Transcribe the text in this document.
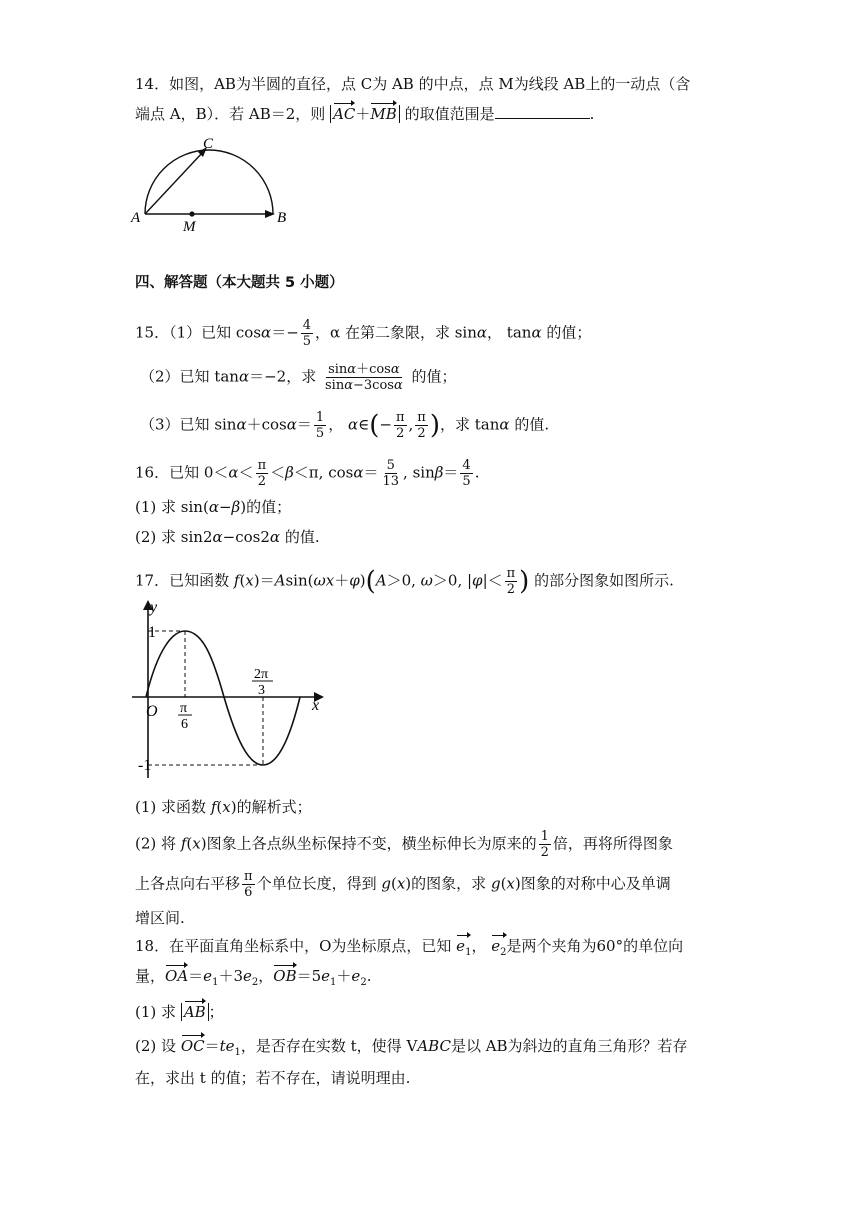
14．如图，AB为半圆的直径，点 C为 AB 的中点，点 M为线段 AB上的一动点（含
端点 A，B）．若 AB＝2，则 AC＋MB 的取值范围是	.
A	B
C
M
四、解答题（本大题共 5 小题）
15．（1）已知 $\cos\alpha=- \frac{4}{5}$ ，α 在第二象限，求 sinα， tanα 的值；
（2）已知 tanα＝−2，求 $\frac{\sin\alpha+\cos\alpha}{\sin\alpha-3\cos\alpha}$ 的值；
（3）已知 $\sin\alpha+\cos\alpha= \frac{1}{5}$ ， α∈(− $\frac{\pi}{2}$ , $\frac{\pi}{2}$ )，求 tanα 的值.
16．已知 $0<\alpha< \frac{\pi}{2} <\beta<\pi$, $\cos\alpha= \frac{5}{13}$ , $\sin\beta= \frac{4}{5}$ .
(1) 求 sin(α−β)的值；
(2) 求 sin2α−cos2α 的值.
17．已知函数 f(x)＝Asin(ωx＋φ)(A＞0, ω＞0, $|\varphi|< \frac{\pi}{2}$ ) 的部分图象如图所示.
y
x
O
1
-1
π
6
2π
3
(1) 求函数 f(x)的解析式；
(2) 将 f(x)图象上各点纵坐标保持不变，横坐标伸长为原来的 $\frac{1}{2}$ 倍，再将所得图象
上各点向右平移 $\frac{\pi}{6}$ 个单位长度，得到 g(x)的图象，求 g(x)图象的对称中心及单调
增区间.
18．在平面直角坐标系中，O为坐标原点，已知 $e_1$， $e_2$是两个夹角为60°的单位向
量，$OA=e_1+3e_2$，$OB=5e_1+e_2$.
(1) 求 AB ；
(2) 设 $OC=te_1$，是否存在实数 t，使得 VABC是以 AB为斜边的直角三角形？若存
在，求出 t 的值；若不存在，请说明理由.
